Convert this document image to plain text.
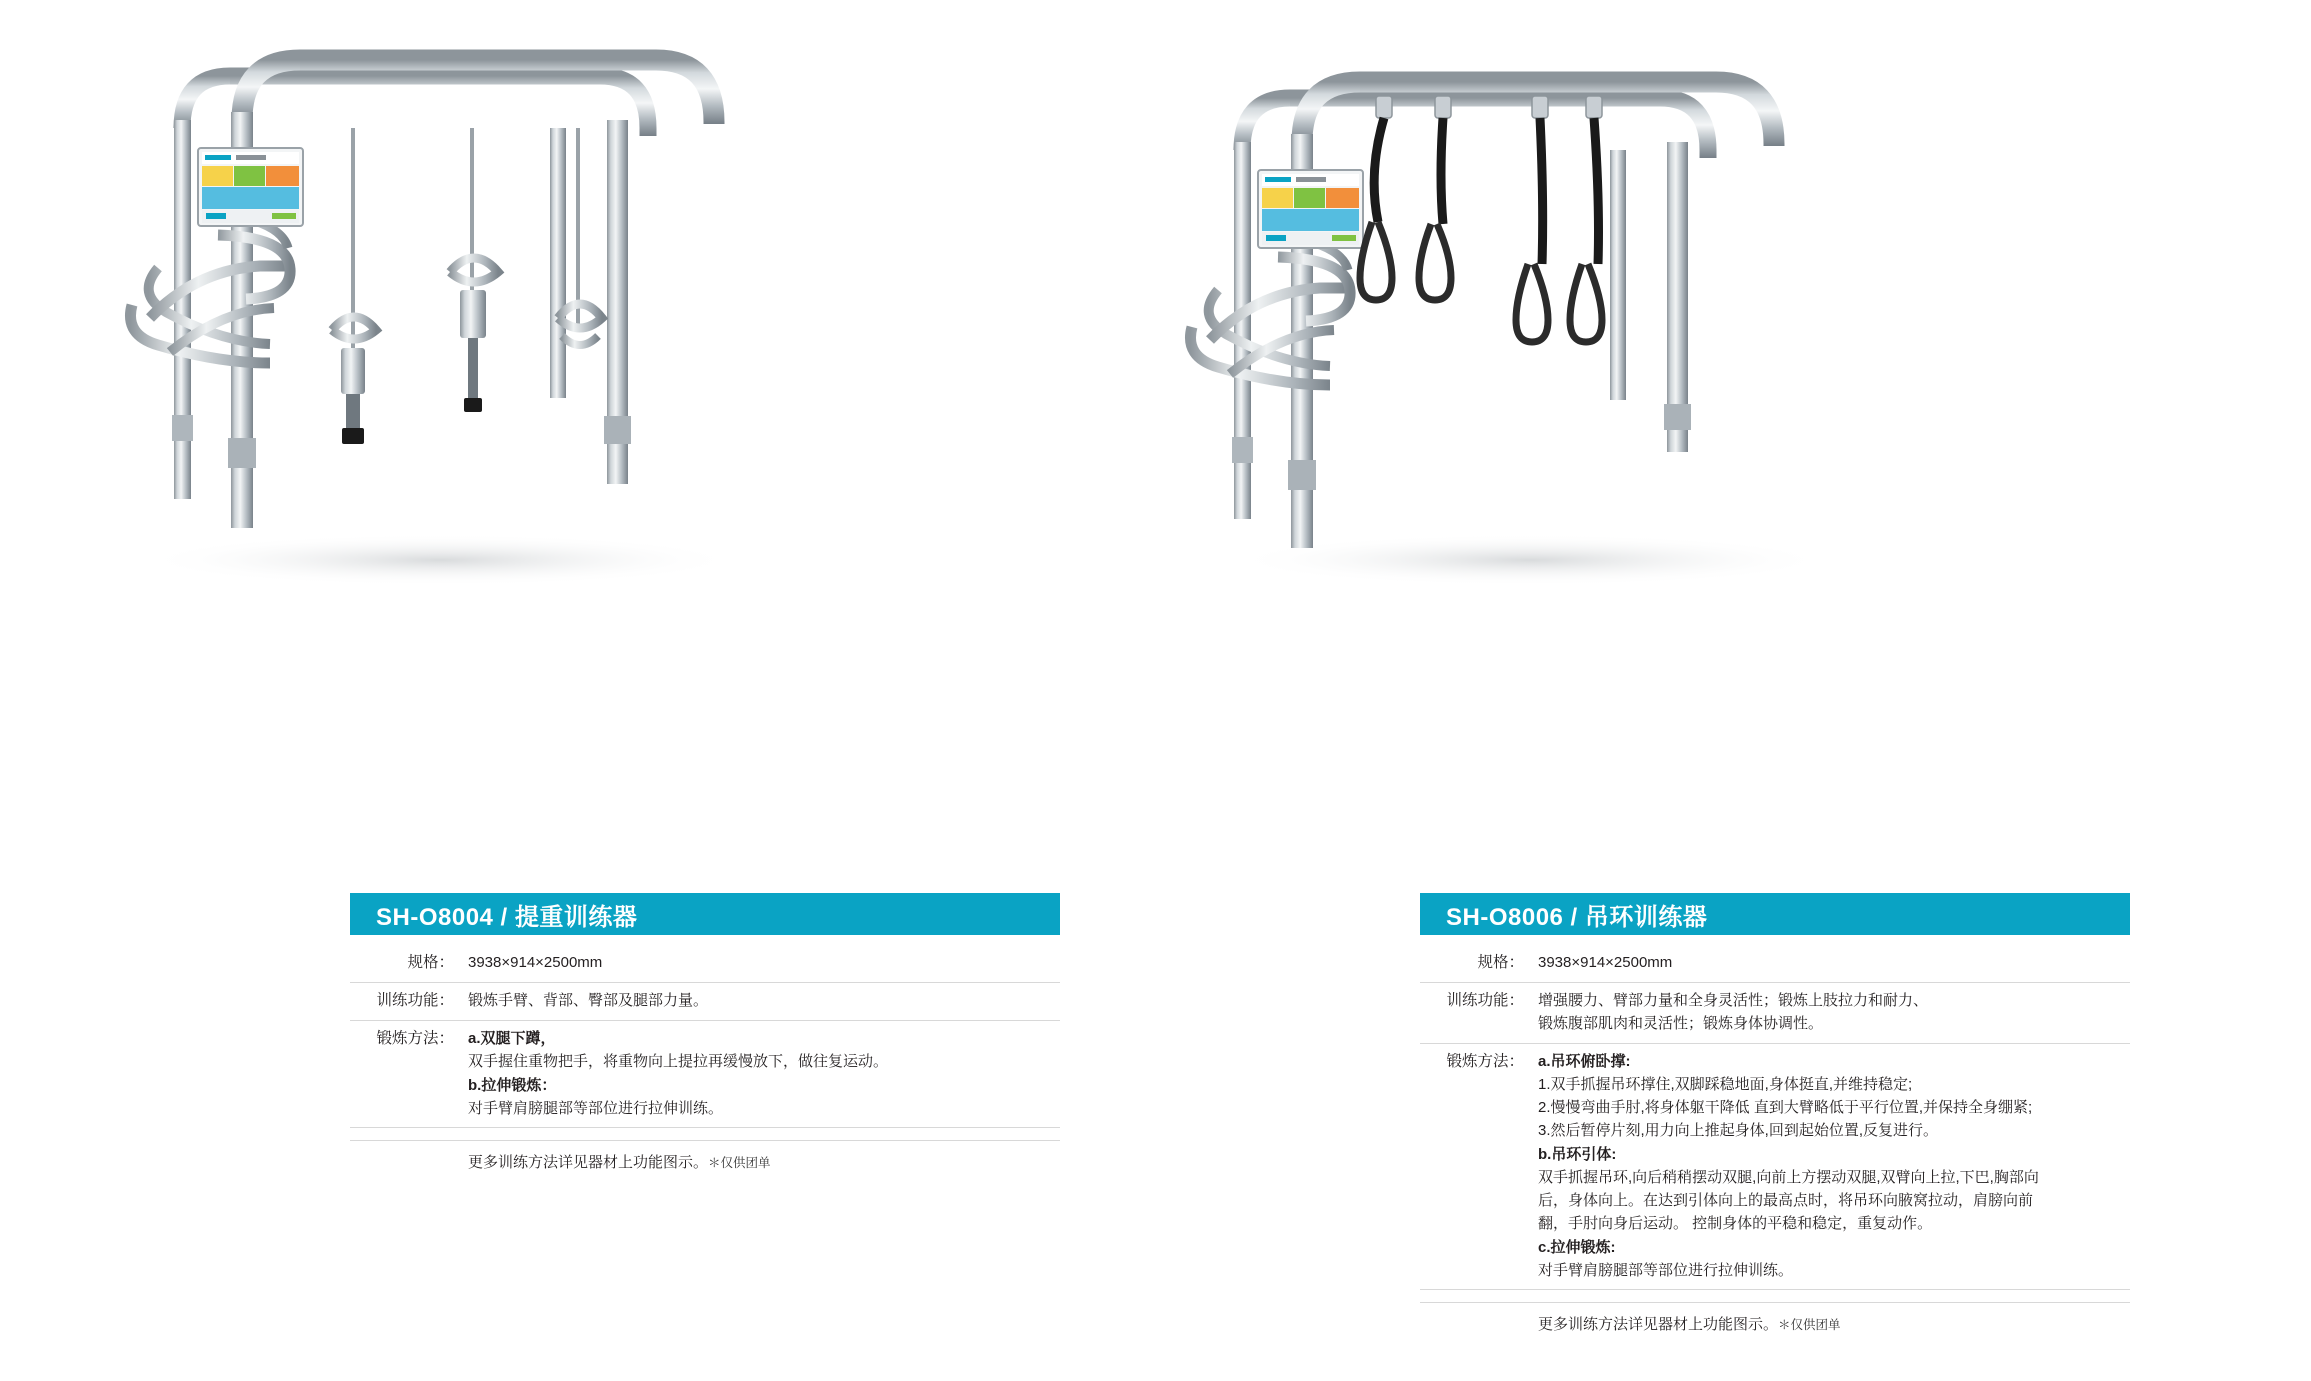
SH-O8004 / 提重训练器
规格： 3938×914×2500mm
训练功能： 锻炼手臂、背部、臀部及腿部力量。

锻炼方法： a.双腿下蹲，

双手握住重物把手，将重物向上提拉再缓慢放下，做往复运动。

b.拉伸锻炼：

对手臂肩膀腿部等部位进行拉伸训练。

更多训练方法详见器材上功能图示。＊仅供团单
SH-O8006 / 吊环训练器
规格： 3938×914×2500mm
训练功能： 增强腰力、臂部力量和全身灵活性；锻炼上肢拉力和耐力、

锻炼腹部肌肉和灵活性；锻炼身体协调性。

锻炼方法： a.吊环俯卧撑:

1.双手抓握吊环撑住,双脚踩稳地面,身体挺直,并维持稳定;

2.慢慢弯曲手肘,将身体躯干降低 直到大臂略低于平行位置,并保持全身绷紧;

3.然后暂停片刻,用力向上推起身体,回到起始位置,反复进行。

b.吊环引体:

双手抓握吊环,向后稍稍摆动双腿,向前上方摆动双腿,双臂向上拉,下巴,胸部向

后，身体向上。在达到引体向上的最高点时，将吊环向腋窝拉动，肩膀向前

翻，手肘向身后运动。 控制身体的平稳和稳定，重复动作。

c.拉伸锻炼:

对手臂肩膀腿部等部位进行拉伸训练。

更多训练方法详见器材上功能图示。＊仅供团单
